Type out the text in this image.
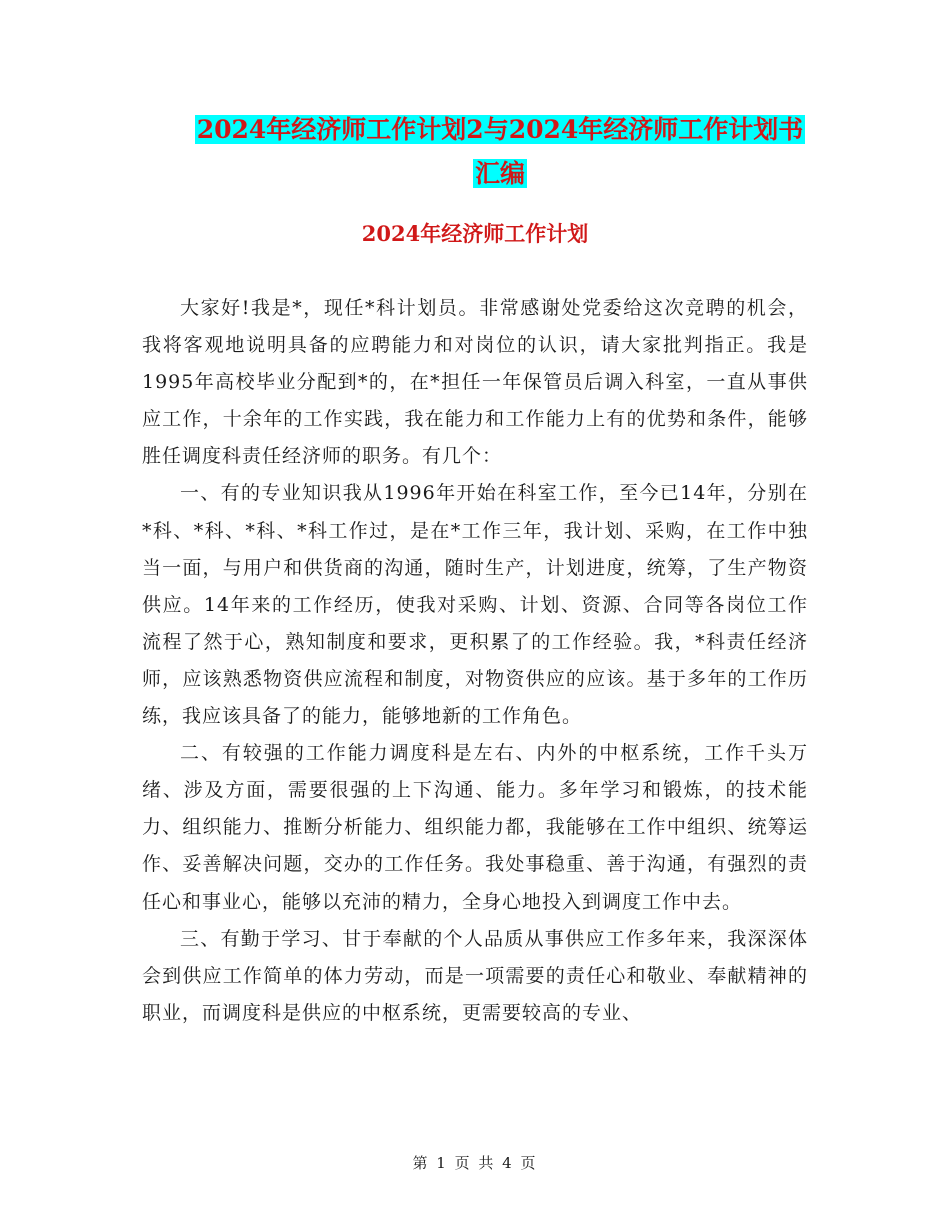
2024年经济师工作计划2与2024年经济师工作计划书
汇编
2024年经济师工作计划

大家好!我是*，现任*科计划员。非常感谢处党委给这次竞聘的机会，我将客观地说明具备的应聘能力和对岗位的认识，请大家批判指正。我是1995年高校毕业分配到*的，在*担任一年保管员后调入科室，一直从事供应工作，十余年的工作实践，我在能力和工作能力上有的优势和条件，能够胜任调度科责任经济师的职务。有几个：

一、有的专业知识我从1996年开始在科室工作，至今已14年，分别在*科、*科、*科、*科工作过，是在*工作三年，我计划、采购，在工作中独当一面，与用户和供货商的沟通，随时生产，计划进度，统筹，了生产物资供应。14年来的工作经历，使我对采购、计划、资源、合同等各岗位工作流程了然于心，熟知制度和要求，更积累了的工作经验。我，*科责任经济师，应该熟悉物资供应流程和制度，对物资供应的应该。基于多年的工作历练，我应该具备了的能力，能够地新的工作角色。

二、有较强的工作能力调度科是左右、内外的中枢系统，工作千头万绪、涉及方面，需要很强的上下沟通、能力。多年学习和锻炼，的技术能力、组织能力、推断分析能力、组织能力都，我能够在工作中组织、统筹运作、妥善解决问题，交办的工作任务。我处事稳重、善于沟通，有强烈的责任心和事业心，能够以充沛的精力，全身心地投入到调度工作中去。

三、有勤于学习、甘于奉献的个人品质从事供应工作多年来，我深深体会到供应工作简单的体力劳动，而是一项需要的责任心和敬业、奉献精神的职业，而调度科是供应的中枢系统，更需要较高的专业、

第 1 页 共 4 页
